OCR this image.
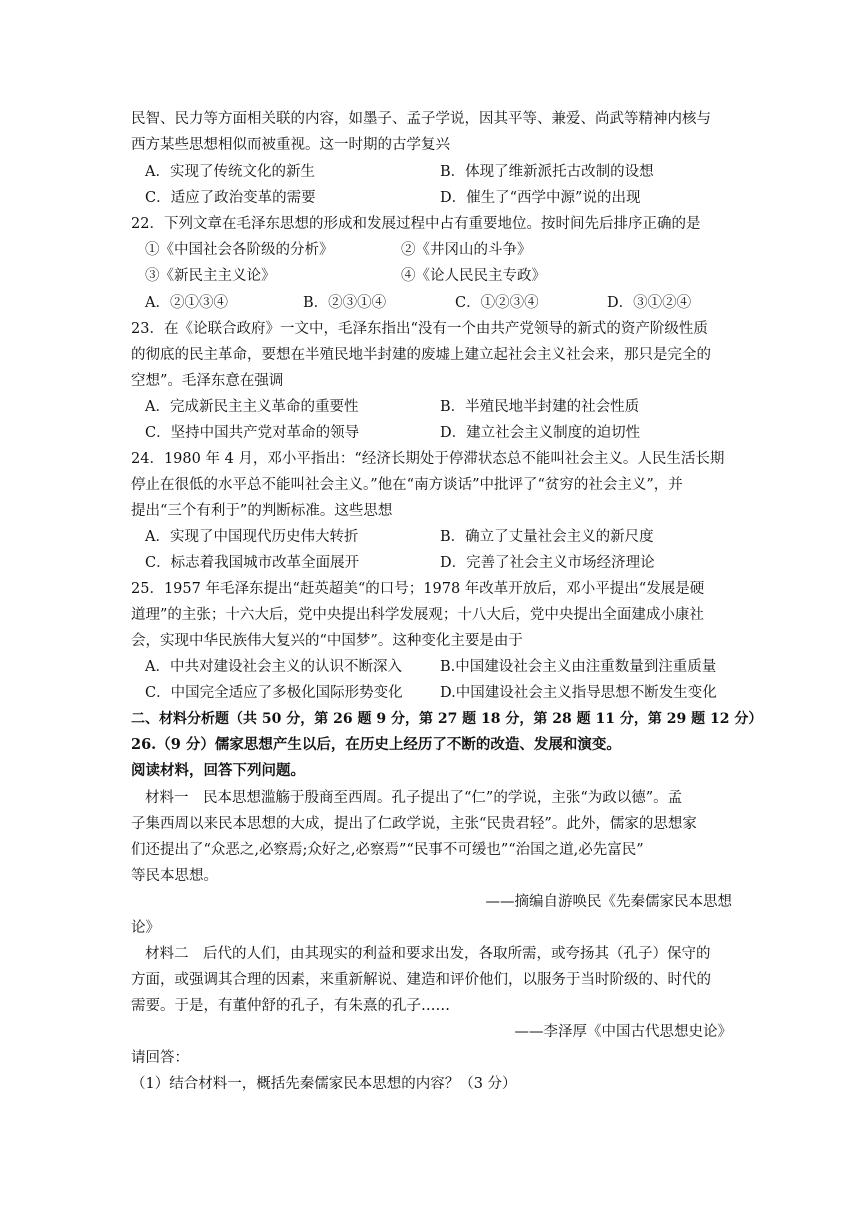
民智、民力等方面相关联的内容，如墨子、孟子学说，因其平等、兼爱、尚武等精神内核与
西方某些思想相似而被重视。这一时期的古学复兴
A．实现了传统文化的新生	B．体现了维新派托古改制的设想
C．适应了政治变革的需要	D．催生了“西学中源”说的出现
22．下列文章在毛泽东思想的形成和发展过程中占有重要地位。按时间先后排序正确的是
①《中国社会各阶级的分析》	②《井冈山的斗争》
③《新民主主义论》	④《论人民民主专政》
A．②①③④	B．②③①④	C．①②③④	D．③①②④
23．在《论联合政府》一文中，毛泽东指出“没有一个由共产党领导的新式的资产阶级性质
的彻底的民主革命，要想在半殖民地半封建的废墟上建立起社会主义社会来，那只是完全的
空想”。毛泽东意在强调
A．完成新民主主义革命的重要性	B．半殖民地半封建的社会性质
C．坚持中国共产党对革命的领导	D．建立社会主义制度的迫切性
24．1980 年 4 月，邓小平指出：“经济长期处于停滞状态总不能叫社会主义。人民生活长期
停止在很低的水平总不能叫社会主义。”他在“南方谈话”中批评了“贫穷的社会主义”，并
提出“三个有利于”的判断标准。这些思想
A．实现了中国现代历史伟大转折	B．确立了丈量社会主义的新尺度
C．标志着我国城市改革全面展开	D．完善了社会主义市场经济理论
25．1957 年毛泽东提出“赶英超美“的口号；1978 年改革开放后，邓小平提出“发展是硬
道理”的主张；十六大后，党中央提出科学发展观；十八大后，党中央提出全面建成小康社
会，实现中华民族伟大复兴的“中国梦”。这种变化主要是由于
A．中共对建设社会主义的认识不断深入	B.中国建设社会主义由注重数量到注重质量
C．中国完全适应了多极化国际形势变化	D.中国建设社会主义指导思想不断发生变化
二、材料分析题（共 50 分，第 26 题 9 分，第 27 题 18 分，第 28 题 11 分，第 29 题 12 分）
26.（9 分）儒家思想产生以后，在历史上经历了不断的改造、发展和演变。
阅读材料，回答下列问题。
材料一　民本思想滥觞于殷商至西周。孔子提出了“仁”的学说，主张“为政以德”。孟
子集西周以来民本思想的大成，提出了仁政学说，主张“民贵君轻”。此外，儒家的思想家
们还提出了“众恶之,必察焉;众好之,必察焉”“民事不可缓也”“治国之道,必先富民”
等民本思想。
——摘编自游唤民《先秦儒家民本思想
论》
材料二　后代的人们，由其现实的利益和要求出发，各取所需，或夸扬其（孔子）保守的
方面，或强调其合理的因素，来重新解说、建造和评价他们，以服务于当时阶级的、时代的
需要。于是，有董仲舒的孔子，有朱熹的孔子……
——李泽厚《中国古代思想史论》
请回答：
（1）结合材料一，概括先秦儒家民本思想的内容？（3 分）
